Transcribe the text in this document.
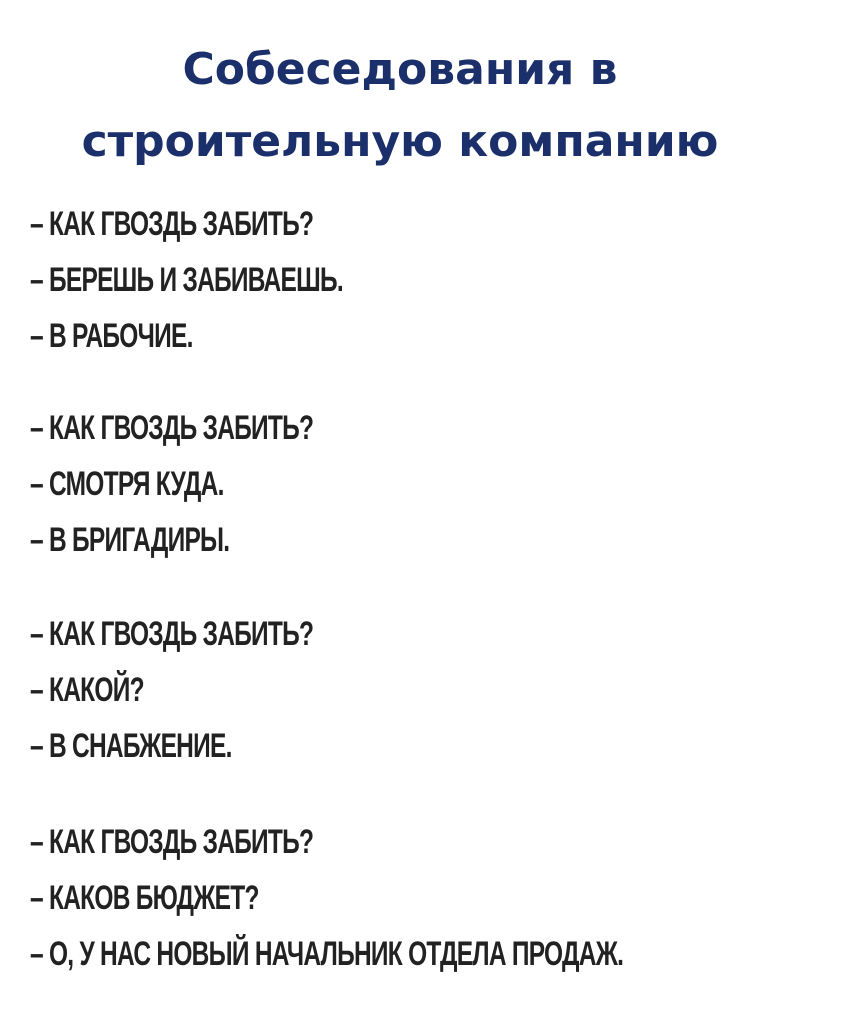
Собеседования в
строительную компанию
– КАК ГВОЗДЬ ЗАБИТЬ?
– БЕРЕШЬ И ЗАБИВАЕШЬ.
– В РАБОЧИЕ.
– КАК ГВОЗДЬ ЗАБИТЬ?
– СМОТРЯ КУДА.
– В БРИГАДИРЫ.
– КАК ГВОЗДЬ ЗАБИТЬ?
– КАКОЙ?
– В СНАБЖЕНИЕ.
– КАК ГВОЗДЬ ЗАБИТЬ?
– КАКОВ БЮДЖЕТ?
– О, У НАС НОВЫЙ НАЧАЛЬНИК ОТДЕЛА ПРОДАЖ.
